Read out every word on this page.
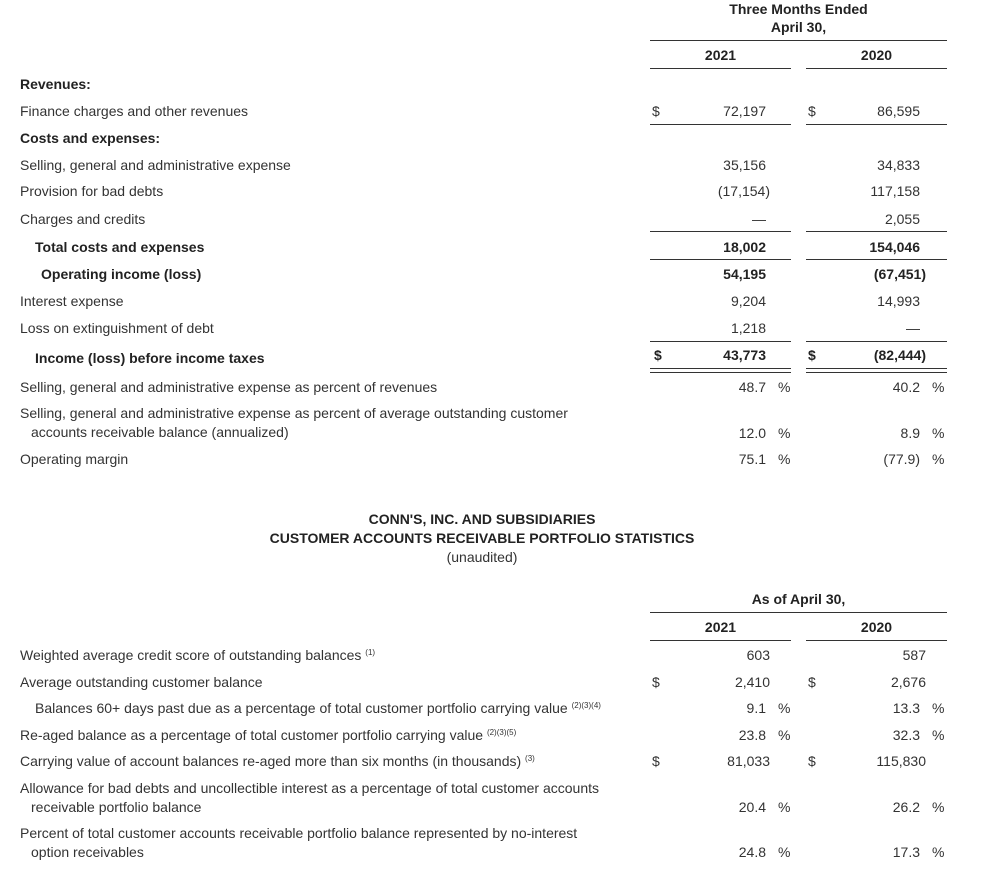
Three Months Ended
April 30,
2021	2020
Revenues:
Finance charges and other revenues	$	72,197	$	86,595
Costs and expenses:
Selling, general and administrative expense	35,156	34,833
Provision for bad debts	(17,154)	117,158
Charges and credits	—	2,055
Total costs and expenses	18,002	154,046
Operating income (loss)	54,195	(67,451)
Interest expense	9,204	14,993
Loss on extinguishment of debt	1,218	—
Income (loss) before income taxes	$	43,773	$	(82,444)
Selling, general and administrative expense as percent of revenues	48.7 %	40.2 %
Selling, general and administrative expense as percent of average outstanding customer
accounts receivable balance (annualized)	12.0 %	8.9 %
Operating margin	75.1 %	(77.9) %
CONN'S, INC. AND SUBSIDIARIES
CUSTOMER ACCOUNTS RECEIVABLE PORTFOLIO STATISTICS
(unaudited)
As of April 30,
2021	2020
Weighted average credit score of outstanding balances $^{(1)}$	603	587
Average outstanding customer balance	$	2,410	$	2,676
Balances 60+ days past due as a percentage of total customer portfolio carrying value $^{(2)(3)(4)}$	9.1 %	13.3 %
Re-aged balance as a percentage of total customer portfolio carrying value $^{(2)(3)(5)}$	23.8 %	32.3 %
Carrying value of account balances re-aged more than six months (in thousands) $^{(3)}$	$	81,033	$	115,830
Allowance for bad debts and uncollectible interest as a percentage of total customer accounts
receivable portfolio balance	20.4 %	26.2 %
Percent of total customer accounts receivable portfolio balance represented by no-interest
option receivables	24.8 %	17.3 %
